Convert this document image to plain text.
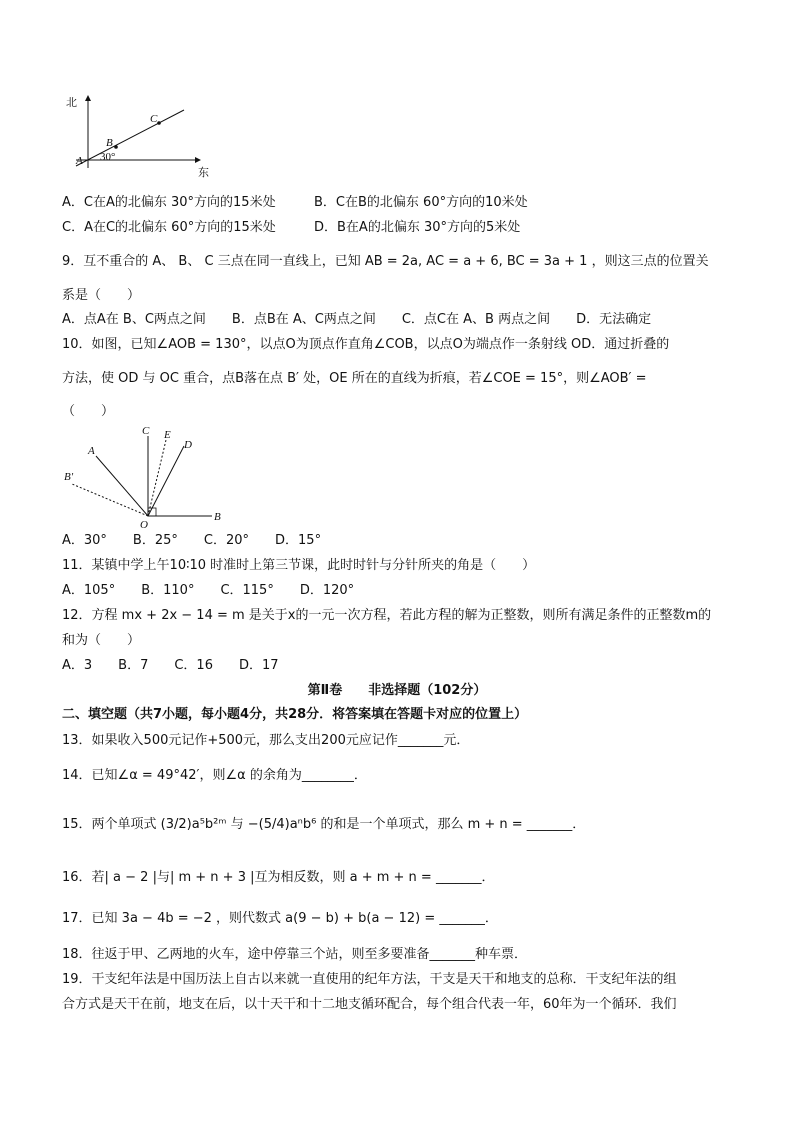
北
东
A
B
C
30°
A．C在A的北偏东 30°方向的15米处	B．C在B的北偏东 60°方向的10米处
C．A在C的北偏东 60°方向的15米处	D．B在A的北偏东 30°方向的5米处
9．互不重合的 A、 B、 C 三点在同一直线上，已知 AB = 2a, AC = a + 6, BC = 3a + 1 ，则这三点的位置关
系是（　　）
A．点A在 B、C两点之间　　B．点B在 A、C两点之间　　C．点C在 A、B 两点之间　　D．无法确定
10．如图，已知∠AOB = 130°，以点O为顶点作直角∠COB，以点O为端点作一条射线 OD．通过折叠的
方法，使 OD 与 OC 重合，点B落在点 B′ 处，OE 所在的直线为折痕，若∠COE = 15°，则∠AOB′ =
（　　）
A
B′
C E
D
O
B
A．30°　　B．25°　　C．20°　　D．15°
11．某镇中学上午10∶10 时准时上第三节课，此时时针与分针所夹的角是（　　）
A．105°　　B．110°　　C．115°　　D．120°
12．方程 mx + 2x − 14 = m 是关于x的一元一次方程，若此方程的解为正整数，则所有满足条件的正整数m的
和为（　　）
A．3　　B．7　　C．16　　D．17
第Ⅱ卷　　非选择题（102分）
二、填空题（共7小题，每小题4分，共28分．将答案填在答题卡对应的位置上）
13．如果收入500元记作+500元，那么支出200元应记作_______元．
14．已知∠α = 49°42′，则∠α 的余角为________．
15．两个单项式 (3/2)a⁵b²ᵐ 与 −(5/4)aⁿb⁶ 的和是一个单项式，那么 m + n = _______．
16．若| a − 2 |与| m + n + 3 |互为相反数，则 a + m + n = _______．
17．已知 3a − 4b = −2 ，则代数式 a(9 − b) + b(a − 12) = _______．
18．往返于甲、乙两地的火车，途中停靠三个站，则至多要准备_______种车票．
19．干支纪年法是中国历法上自古以来就一直使用的纪年方法，干支是天干和地支的总称．干支纪年法的组
合方式是天干在前，地支在后，以十天干和十二地支循环配合，每个组合代表一年，60年为一个循环．我们
